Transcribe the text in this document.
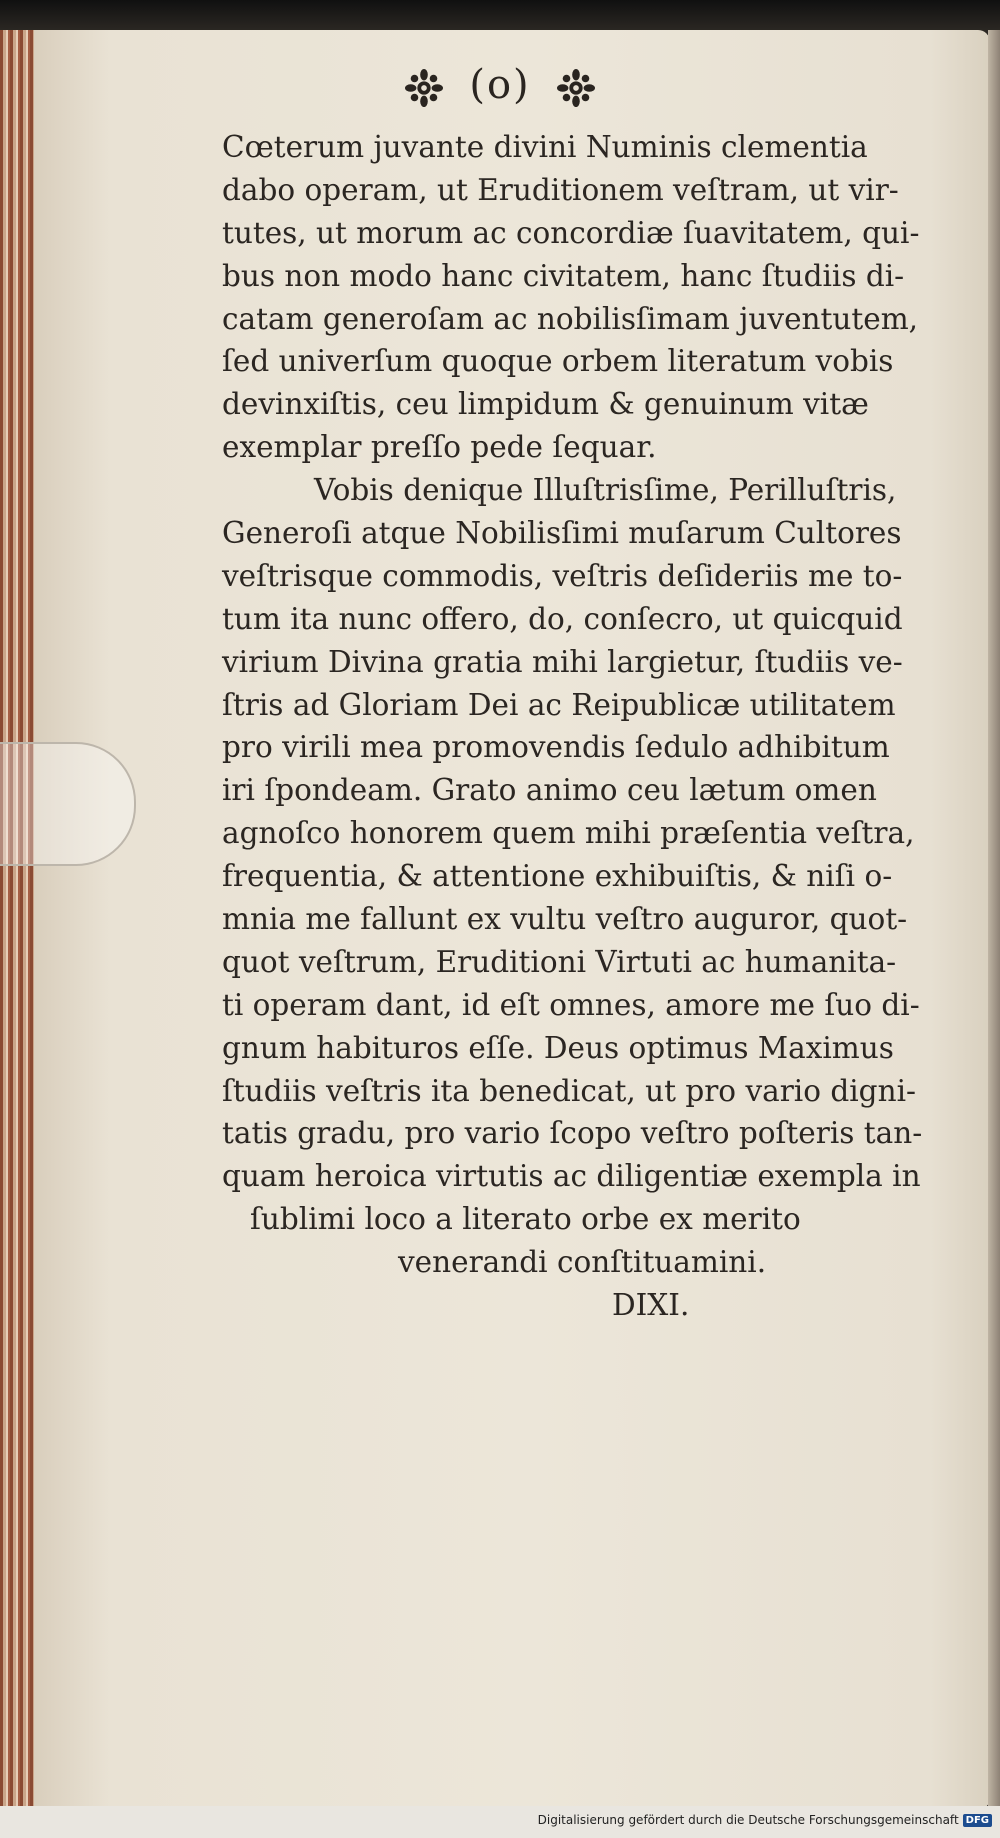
(o)
Cœterum juvante divini Numinis clementia
dabo operam, ut Eruditionem veſtram, ut vir-
tutes, ut morum ac concordiæ ſuavitatem, qui-
bus non modo hanc civitatem, hanc ſtudiis di-
catam generoſam ac nobilisſimam juventutem,
ſed univerſum quoque orbem literatum vobis
devinxiſtis, ceu limpidum & genuinum vitæ
exemplar preſſo pede ſequar.
Vobis denique Illuſtrisſime, Perilluſtris,
Generoſi atque Nobilisſimi muſarum Cultores
veſtrisque commodis, veſtris deſideriis me to-
tum ita nunc offero, do, conſecro, ut quicquid
virium Divina gratia mihi largietur, ſtudiis ve-
ſtris ad Gloriam Dei ac Reipublicæ utilitatem
pro virili mea promovendis ſedulo adhibitum
iri ſpondeam. Grato animo ceu lætum omen
agnoſco honorem quem mihi præſentia veſtra,
frequentia, & attentione exhibuiſtis, & niſi o-
mnia me fallunt ex vultu veſtro auguror, quot-
quot veſtrum, Eruditioni Virtuti ac humanita-
ti operam dant, id eſt omnes, amore me ſuo di-
gnum habituros eſſe. Deus optimus Maximus
ſtudiis veſtris ita benedicat, ut pro vario digni-
tatis gradu, pro vario ſcopo veſtro poſteris tan-
quam heroica virtutis ac diligentiæ exempla in
ſublimi loco a literato orbe ex merito
venerandi conſtituamini.
DIXI.
Digitalisierung gefördert durch die Deutsche Forschungsgemeinschaft DFG
